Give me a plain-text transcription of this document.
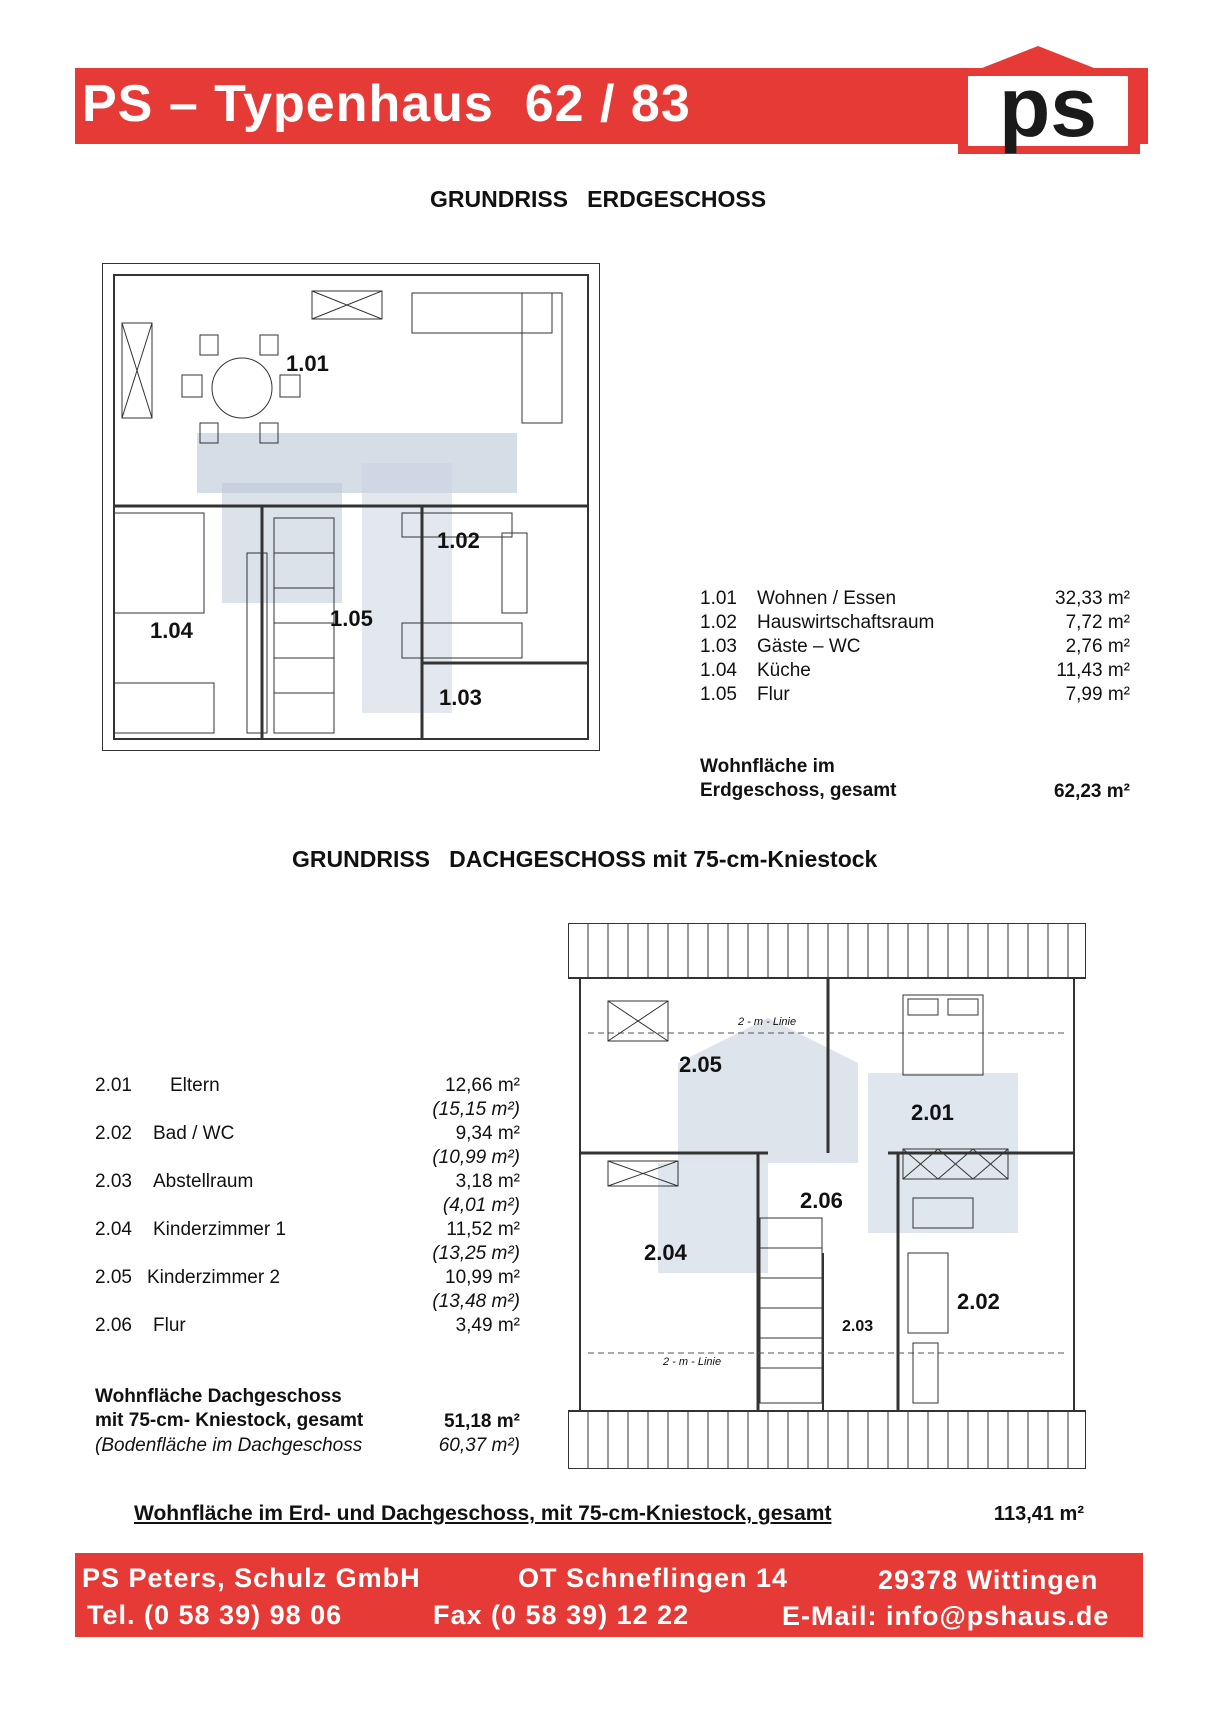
PS – Typenhaus  62 / 83	ps
GRUNDRISS   ERDGESCHOSS
1.01
1.02
1.03
1.04	1.05
1.01 Wohnen / Essen	32,33 m²
1.02 Hauswirtschaftsraum	7,72 m²
1.03 Gäste – WC	2,76 m²
1.04 Küche	11,43 m²
1.05 Flur	7,99 m²
Wohnfläche im
Erdgeschoss, gesamt	62,23 m²
GRUNDRISS   DACHGESCHOSS mit 75-cm-Kniestock
2.01 Eltern	12,66 m²
(15,15 m²)
2.02 Bad / WC	9,34 m²
(10,99 m²)
2.03 Abstellraum	3,18 m²
(4,01 m²)
2.04 Kinderzimmer 1	11,52 m²
(13,25 m²)
2.05 Kinderzimmer 2	10,99 m²
(13,48 m²)
2.06 Flur	3,49 m²
Wohnfläche Dachgeschoss
mit 75-cm- Kniestock, gesamt	51,18 m²
(Bodenfläche im Dachgeschoss	60,37 m²)
2 - m - Linie
2 - m - Linie
2.01
2.02
2.03
2.04
2.05
2.06
Wohnfläche im Erd- und Dachgeschoss, mit 75-cm-Kniestock, gesamt	113,41 m²
PS Peters, Schulz GmbH	OT Schneflingen 14	29378 Wittingen
Tel. (0 58 39) 98 06	Fax (0 58 39) 12 22	E-Mail: info@pshaus.de
